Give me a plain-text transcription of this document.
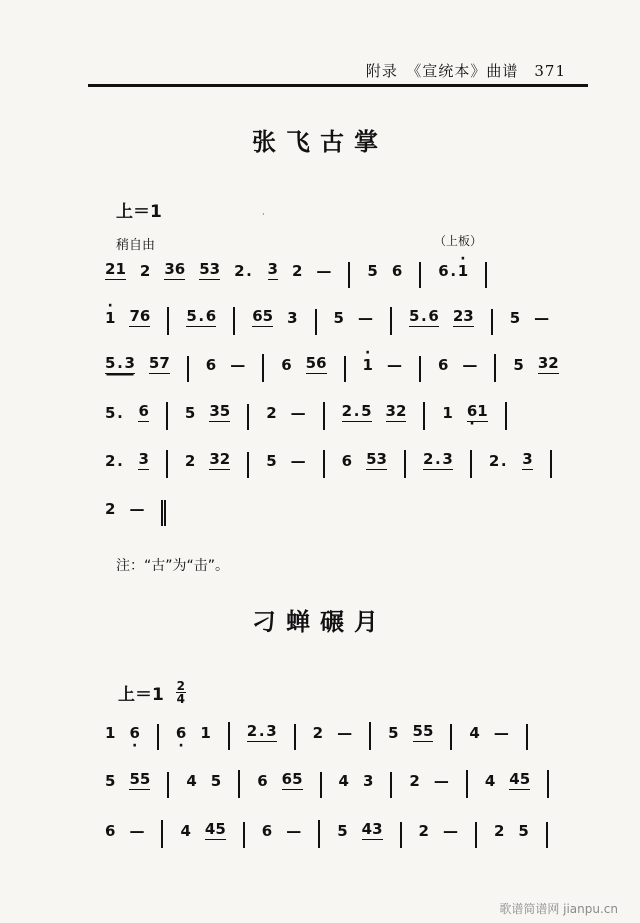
附录　《宣统本》曲谱　371
张飞古掌
上＝1	·
稍自由	（上板）
2 1 2 3 6 5 3 2 . 3 2 — 5 6 6 . · 1
· 1 7 6 5 . 6 6 5 3 5 — 5 . 6 2 3 5 —
5 . 3 5 7 6 — 6 5 6 · 1 — 6 — 5 3 2
5 . 6 5 3 5 2 — 2 . 5 3 2 1 6 · 1
2 . 3 2 3 2 5 — 6 5 3 2 . 3 2 . 3
2 —
注：“古”为“击”。
刁蝉碾月
上＝1 2
4
1 6 · 6 · 1 2 . 3 2 — 5 5 5 4 —
5 5 5 4 5 6 6 5 4 3 2 — 4 4 5
6 — 4 4 5 6 — 5 4 3 2 — 2 5
歌谱简谱网 jianpu.cn
